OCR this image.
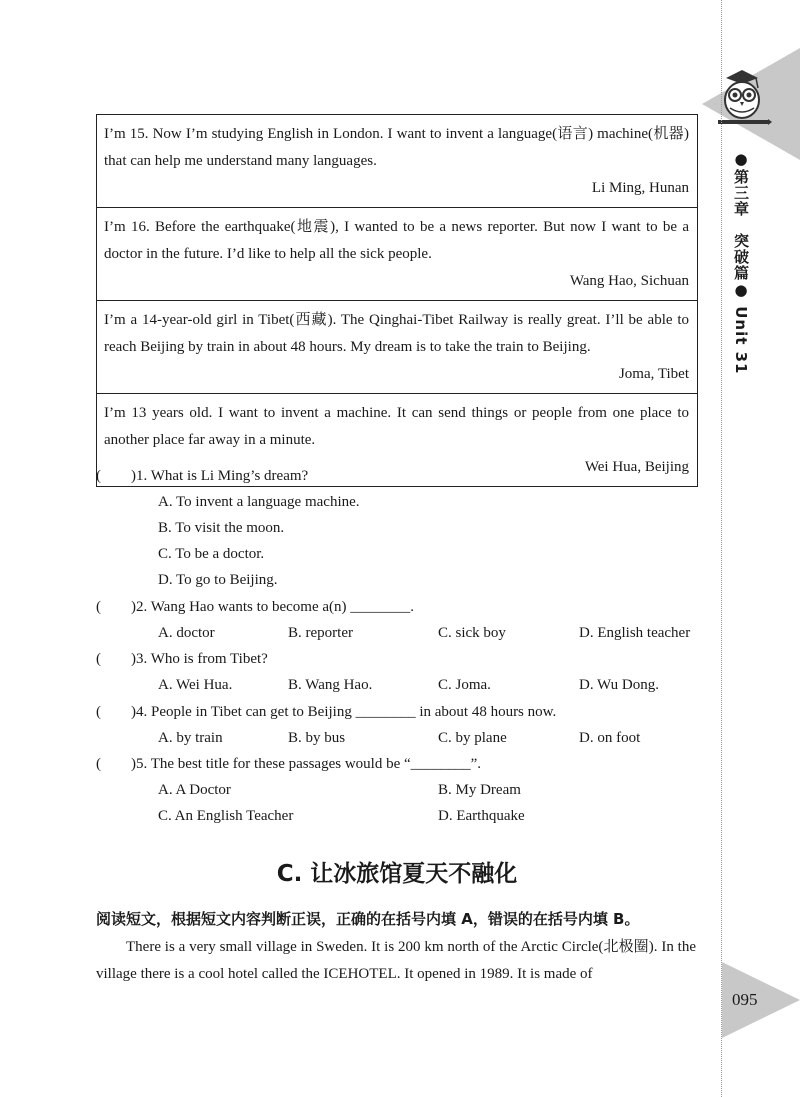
●第三章　突破篇● Unit 31
095
I’m 15. Now I’m studying English in London. I want to invent a language(语言) machine(机器) that can help me understand many languages.
Li Ming, Hunan
I’m 16. Before the earthquake(地震), I wanted to be a news reporter. But now I want to be a doctor in the future. I’d like to help all the sick people.
Wang Hao, Sichuan
I’m a 14-year-old girl in Tibet(西藏). The Qinghai-Tibet Railway is really great. I’ll be able to reach Beijing by train in about 48 hours. My dream is to take the train to Beijing.
Joma, Tibet
I’m 13 years old. I want to invent a machine. It can send things or people from one place to another place far away in a minute.
Wei Hua, Beijing
(　　)1. What is Li Ming’s dream?
A. To invent a language machine.
B. To visit the moon.
C. To be a doctor.
D. To go to Beijing.
(　　)2. Wang Hao wants to become a(n) ________.
A. doctor	B. reporter	C. sick boy	D. English teacher
(　　)3. Who is from Tibet?
A. Wei Hua.	B. Wang Hao.	C. Joma.	D. Wu Dong.
(　　)4. People in Tibet can get to Beijing ________ in about 48 hours now.
A. by train	B. by bus	C. by plane	D. on foot
(　　)5. The best title for these passages would be “________”.
A. A Doctor	B. My Dream
C. An English Teacher	D. Earthquake
C. 让冰旅馆夏天不融化
阅读短文，根据短文内容判断正误，正确的在括号内填 A，错误的在括号内填 B。
There is a very small village in Sweden. It is 200 km north of the Arctic Circle(北极圈). In the village there is a cool hotel called the ICEHOTEL. It opened in 1989. It is made of
